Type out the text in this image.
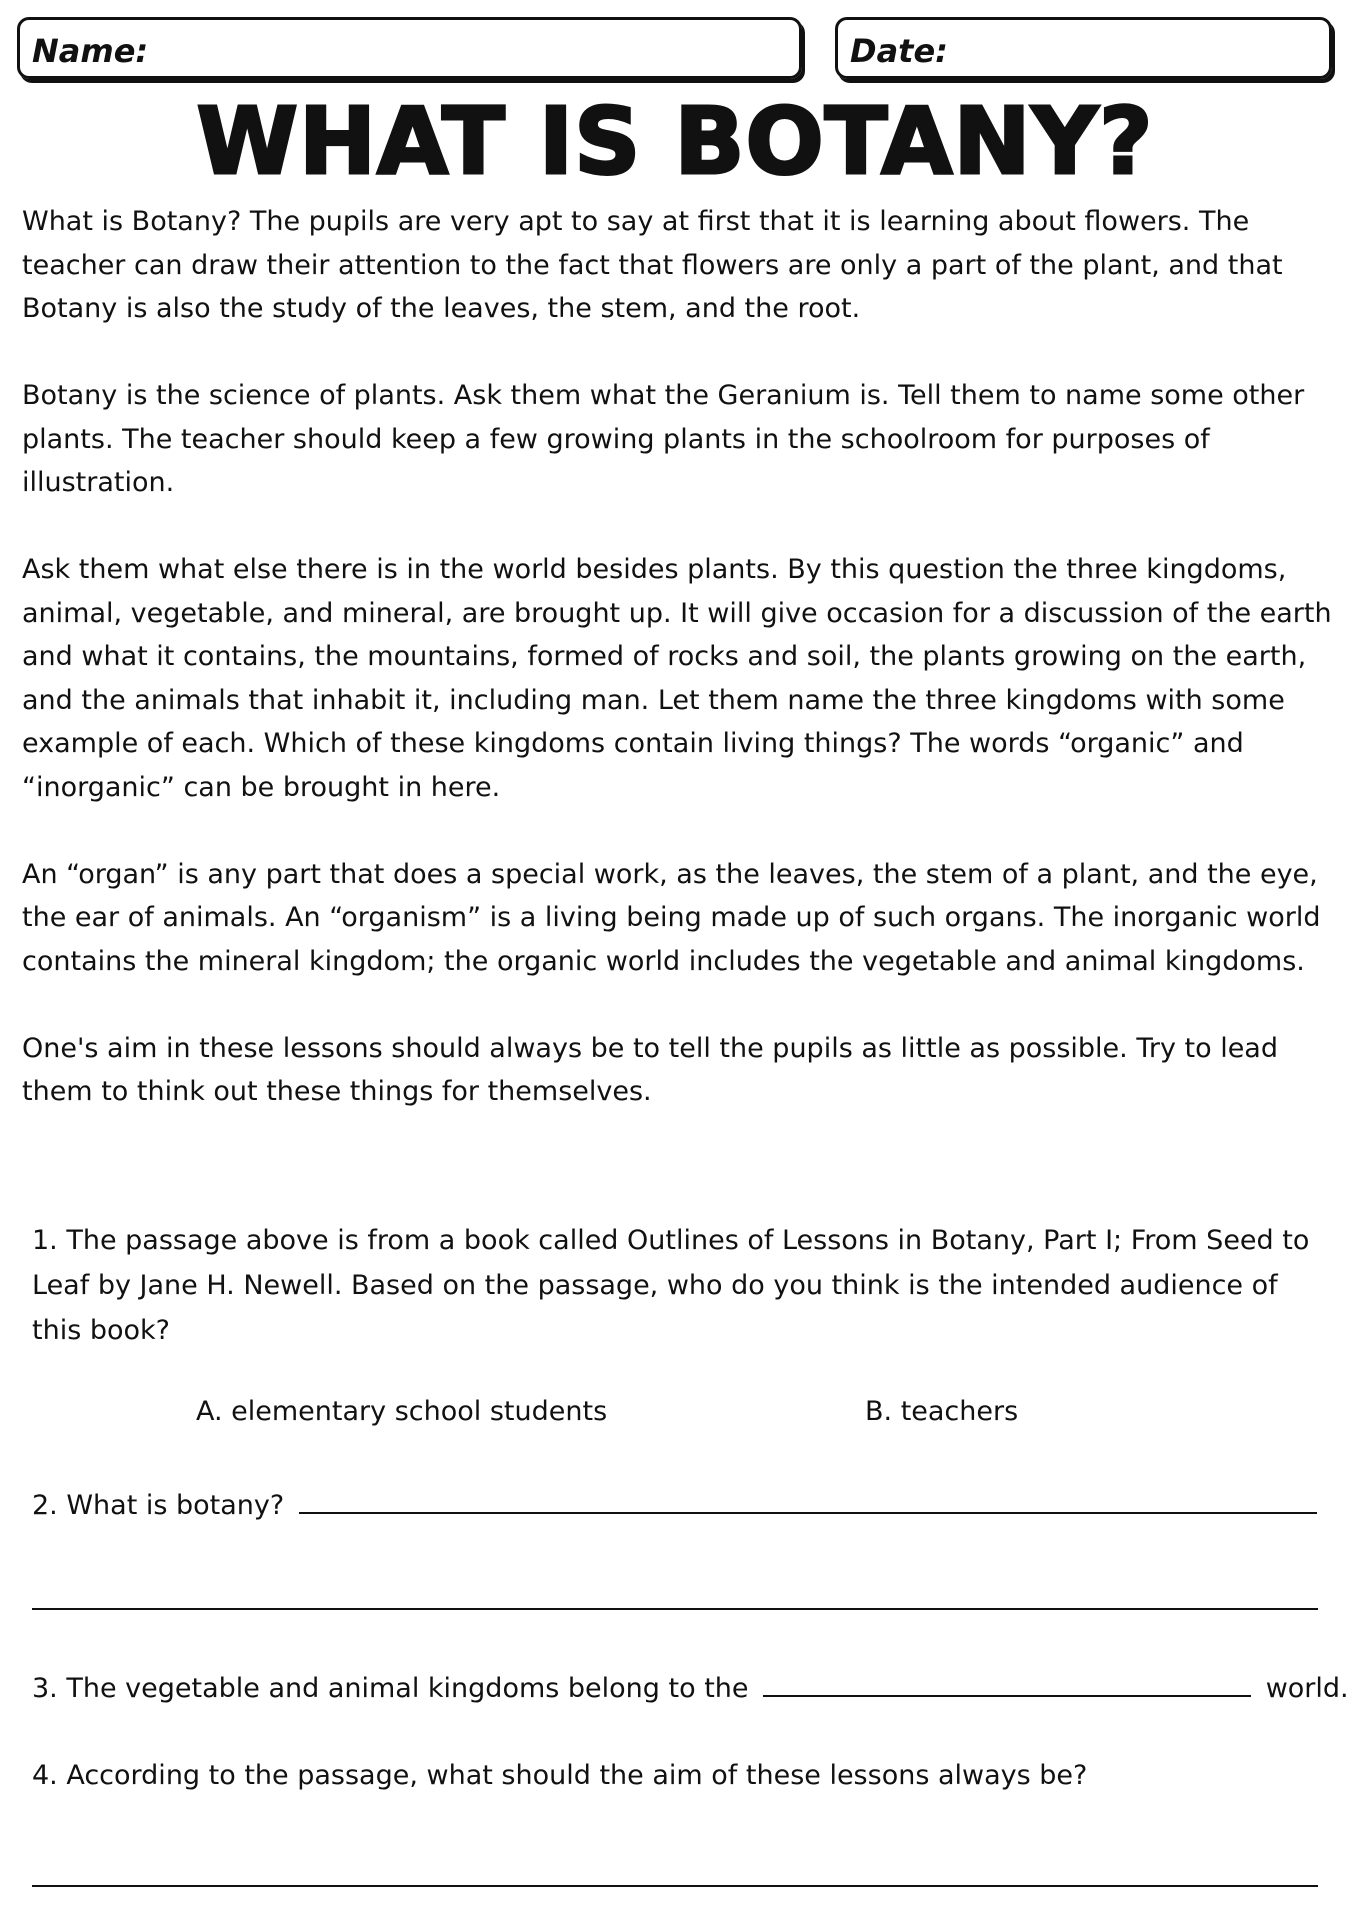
Name:	Date:
WHAT IS BOTANY?

What is Botany? The pupils are very apt to say at first that it is learning about flowers. The teacher can draw their attention to the fact that flowers are only a part of the plant, and that Botany is also the study of the leaves, the stem, and the root.

Botany is the science of plants. Ask them what the Geranium is. Tell them to name some other plants. The teacher should keep a few growing plants in the schoolroom for purposes of illustration.

Ask them what else there is in the world besides plants. By this question the three kingdoms, animal, vegetable, and mineral, are brought up. It will give occasion for a discussion of the earth and what it contains, the mountains, formed of rocks and soil, the plants growing on the earth, and the animals that inhabit it, including man. Let them name the three kingdoms with some example of each. Which of these kingdoms contain living things? The words “organic” and “inorganic” can be brought in here.

An “organ” is any part that does a special work, as the leaves, the stem of a plant, and the eye, the ear of animals. An “organism” is a living being made up of such organs. The inorganic world contains the mineral kingdom; the organic world includes the vegetable and animal kingdoms.

One's aim in these lessons should always be to tell the pupils as little as possible. Try to lead them to think out these things for themselves.

1. The passage above is from a book called Outlines of Lessons in Botany, Part I; From Seed to Leaf by Jane H. Newell. Based on the passage, who do you think is the intended audience of this book?

A. elementary school students	B. teachers
2. What is botany?
3. The vegetable and animal kingdoms belong to the	world.
4. According to the passage, what should the aim of these lessons always be?
